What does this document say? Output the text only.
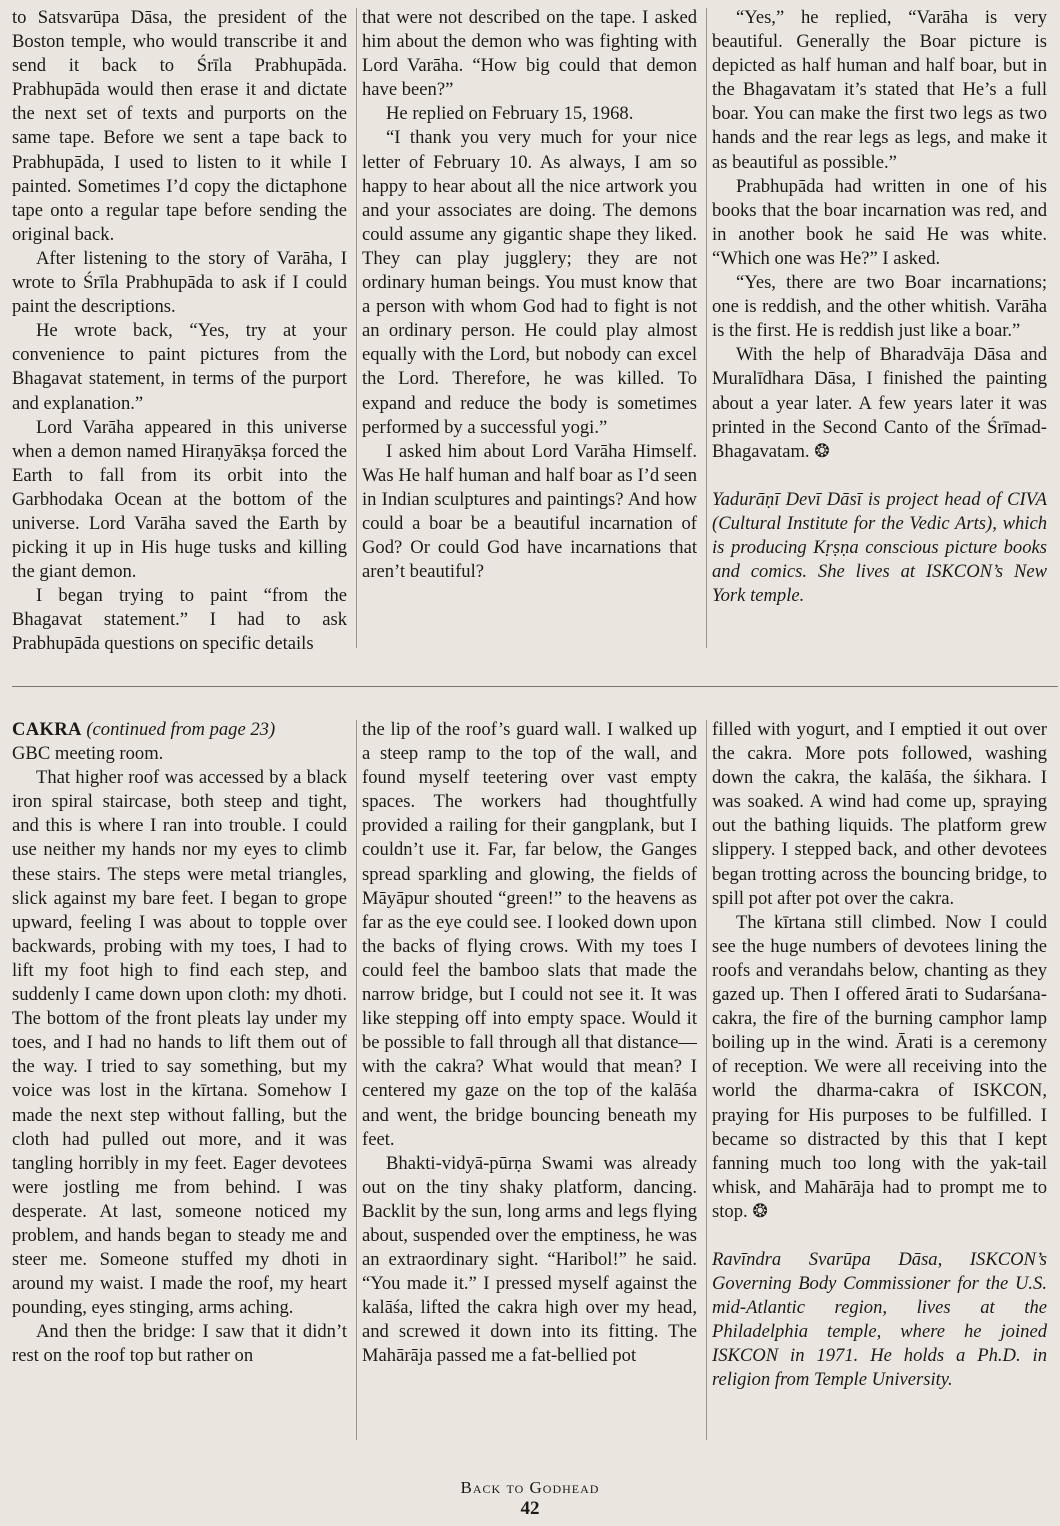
to Satsvarūpa Dāsa, the president of the Boston temple, who would transcribe it and send it back to Śrīla Prabhupāda. Prabhupāda would then erase it and dictate the next set of texts and purports on the same tape. Before we sent a tape back to Prabhupāda, I used to listen to it while I painted. Sometimes I’d copy the dictaphone tape onto a regular tape before sending the original back.

After listening to the story of Varāha, I wrote to Śrīla Prabhupāda to ask if I could paint the descriptions.

He wrote back, “Yes, try at your convenience to paint pictures from the Bhagavat statement, in terms of the purport and explanation.”

Lord Varāha appeared in this universe when a demon named Hiraṇyākṣa forced the Earth to fall from its orbit into the Garbhodaka Ocean at the bottom of the universe. Lord Varāha saved the Earth by picking it up in His huge tusks and killing the giant demon.

I began trying to paint “from the Bhagavat statement.” I had to ask Prabhupāda questions on specific details

that were not described on the tape. I asked him about the demon who was fighting with Lord Varāha. “How big could that demon have been?”

He replied on February 15, 1968.

“I thank you very much for your nice letter of February 10. As always, I am so happy to hear about all the nice artwork you and your associates are doing. The demons could assume any gigantic shape they liked. They can play jugglery; they are not ordinary human beings. You must know that a person with whom God had to fight is not an ordinary person. He could play almost equally with the Lord, but nobody can excel the Lord. Therefore, he was killed. To expand and reduce the body is sometimes performed by a successful yogi.”

I asked him about Lord Varāha Himself. Was He half human and half boar as I’d seen in Indian sculptures and paintings? And how could a boar be a beautiful incarnation of God? Or could God have incarnations that aren’t beautiful?

“Yes,” he replied, “Varāha is very beautiful. Generally the Boar picture is depicted as half human and half boar, but in the Bhagavatam it’s stated that He’s a full boar. You can make the first two legs as two hands and the rear legs as legs, and make it as beautiful as possible.”

Prabhupāda had written in one of his books that the boar incarnation was red, and in another book he said He was white. “Which one was He?” I asked.

“Yes, there are two Boar incarnations; one is reddish, and the other whitish. Varāha is the first. He is reddish just like a boar.”

With the help of Bharadvāja Dāsa and Muralīdhara Dāsa, I finished the painting about a year later. A few years later it was printed in the Second Canto of the Śrīmad-Bhagavatam. ❂

Yadurāṇī Devī Dāsī is project head of CIVA (Cultural Institute for the Vedic Arts), which is producing Kṛṣṇa conscious picture books and comics. She lives at ISKCON’s New York temple.

CAKRA (continued from page 23)

GBC meeting room.

That higher roof was accessed by a black iron spiral staircase, both steep and tight, and this is where I ran into trouble. I could use neither my hands nor my eyes to climb these stairs. The steps were metal triangles, slick against my bare feet. I began to grope upward, feeling I was about to topple over backwards, probing with my toes, I had to lift my foot high to find each step, and suddenly I came down upon cloth: my dhoti. The bottom of the front pleats lay under my toes, and I had no hands to lift them out of the way. I tried to say something, but my voice was lost in the kīrtana. Somehow I made the next step without falling, but the cloth had pulled out more, and it was tangling horribly in my feet. Eager devotees were jostling me from behind. I was desperate. At last, someone noticed my problem, and hands began to steady me and steer me. Someone stuffed my dhoti in around my waist. I made the roof, my heart pounding, eyes stinging, arms aching.

And then the bridge: I saw that it didn’t rest on the roof top but rather on

the lip of the roof’s guard wall. I walked up a steep ramp to the top of the wall, and found myself teetering over vast empty spaces. The workers had thoughtfully provided a railing for their gangplank, but I couldn’t use it. Far, far below, the Ganges spread sparkling and glowing, the fields of Māyāpur shouted “green!” to the heavens as far as the eye could see. I looked down upon the backs of flying crows. With my toes I could feel the bamboo slats that made the narrow bridge, but I could not see it. It was like stepping off into empty space. Would it be possible to fall through all that distance—with the cakra? What would that mean? I centered my gaze on the top of the kalāśa and went, the bridge bouncing beneath my feet.

Bhakti-vidyā-pūrṇa Swami was already out on the tiny shaky platform, dancing. Backlit by the sun, long arms and legs flying about, suspended over the emptiness, he was an extraordinary sight. “Haribol!” he said. “You made it.” I pressed myself against the kalāśa, lifted the cakra high over my head, and screwed it down into its fitting. The Mahārāja passed me a fat-bellied pot

filled with yogurt, and I emptied it out over the cakra. More pots followed, washing down the cakra, the kalāśa, the śikhara. I was soaked. A wind had come up, spraying out the bathing liquids. The platform grew slippery. I stepped back, and other devotees began trotting across the bouncing bridge, to spill pot after pot over the cakra.

The kīrtana still climbed. Now I could see the huge numbers of devotees lining the roofs and verandahs below, chanting as they gazed up. Then I offered ārati to Sudarśana-cakra, the fire of the burning camphor lamp boiling up in the wind. Ārati is a ceremony of reception. We were all receiving into the world the dharma-cakra of ISKCON, praying for His purposes to be fulfilled. I became so distracted by this that I kept fanning much too long with the yak-tail whisk, and Mahārāja had to prompt me to stop. ❂

Ravīndra Svarūpa Dāsa, ISKCON’s Governing Body Commissioner for the U.S. mid-Atlantic region, lives at the Philadelphia temple, where he joined ISKCON in 1971. He holds a Ph.D. in religion from Temple University.

Back to Godhead
42
